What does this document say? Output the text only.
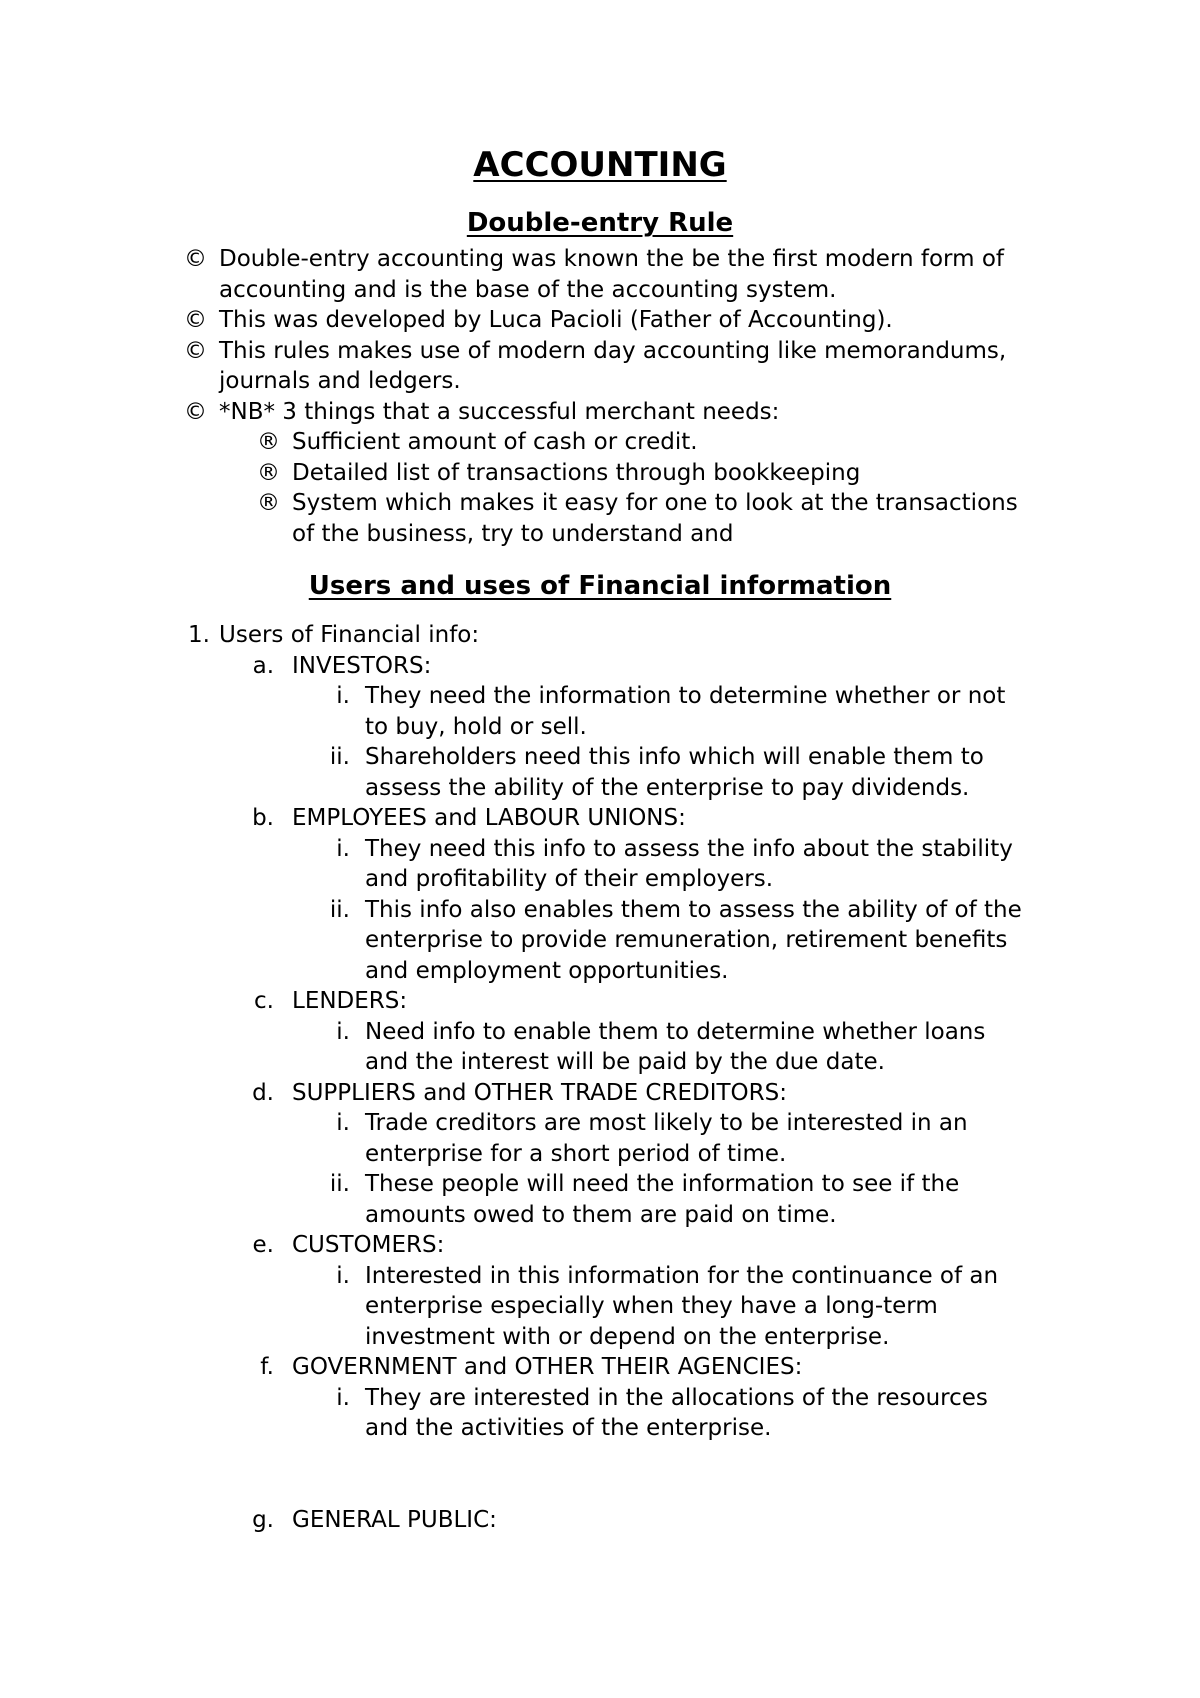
ACCOUNTING
Double-entry Rule
© Double-entry accounting was known the be the first modern form of
accounting and is the base of the accounting system.
© This was developed by Luca Pacioli (Father of Accounting).
© This rules makes use of modern day accounting like memorandums,
journals and ledgers.
© *NB* 3 things that a successful merchant needs:
® Sufficient amount of cash or credit.
® Detailed list of transactions through bookkeeping
® System which makes it easy for one to look at the transactions
of the business, try to understand and
Users and uses of Financial information
1. Users of Financial info:
a. INVESTORS:
i. They need the information to determine whether or not
to buy, hold or sell.
ii. Shareholders need this info which will enable them to
assess the ability of the enterprise to pay dividends.
b. EMPLOYEES and LABOUR UNIONS:
i. They need this info to assess the info about the stability
and profitability of their employers.
ii. This info also enables them to assess the ability of of the
enterprise to provide remuneration, retirement benefits
and employment opportunities.
c. LENDERS:
i. Need info to enable them to determine whether loans
and the interest will be paid by the due date.
d. SUPPLIERS and OTHER TRADE CREDITORS:
i. Trade creditors are most likely to be interested in an
enterprise for a short period of time.
ii. These people will need the information to see if the
amounts owed to them are paid on time.
e. CUSTOMERS:
i. Interested in this information for the continuance of an
enterprise especially when they have a long-term
investment with or depend on the enterprise.
f. GOVERNMENT and OTHER THEIR AGENCIES:
i. They are interested in the allocations of the resources
and the activities of the enterprise.
g. GENERAL PUBLIC:
